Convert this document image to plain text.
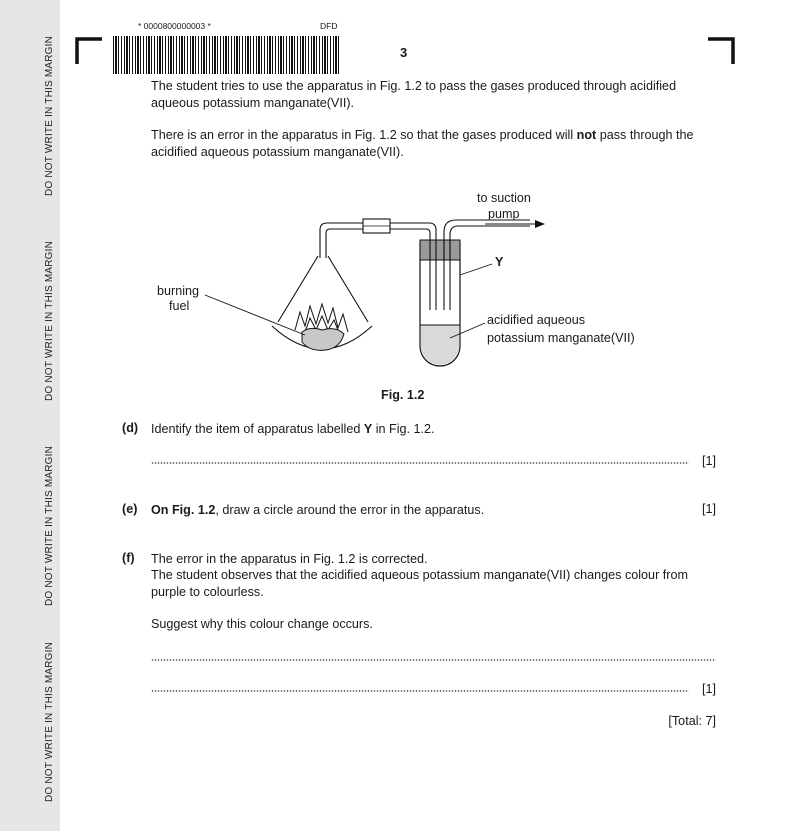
DO NOT WRITE IN THIS MARGIN
DO NOT WRITE IN THIS MARGIN
DO NOT WRITE IN THIS MARGIN
DO NOT WRITE IN THIS MARGIN
* 0000800000003 *	DFD
3
The student tries to use the apparatus in Fig. 1.2 to pass the gases produced through acidified aqueous potassium manganate(VII).
There is an error in the apparatus in Fig. 1.2 so that the gases produced will not pass through the acidified aqueous potassium manganate(VII).
to suction
pump
Y
burning
fuel
acidified aqueous
potassium manganate(VII)
Fig. 1.2
(d) Identify the item of apparatus labelled Y in Fig. 1.2.
[1]
(e) On Fig. 1.2, draw a circle around the error in the apparatus.	[1]
(f) The error in the apparatus in Fig. 1.2 is corrected.
The student observes that the acidified aqueous potassium manganate(VII) changes colour from purple to colourless.
Suggest why this colour change occurs.
[1]
[Total: 7]
